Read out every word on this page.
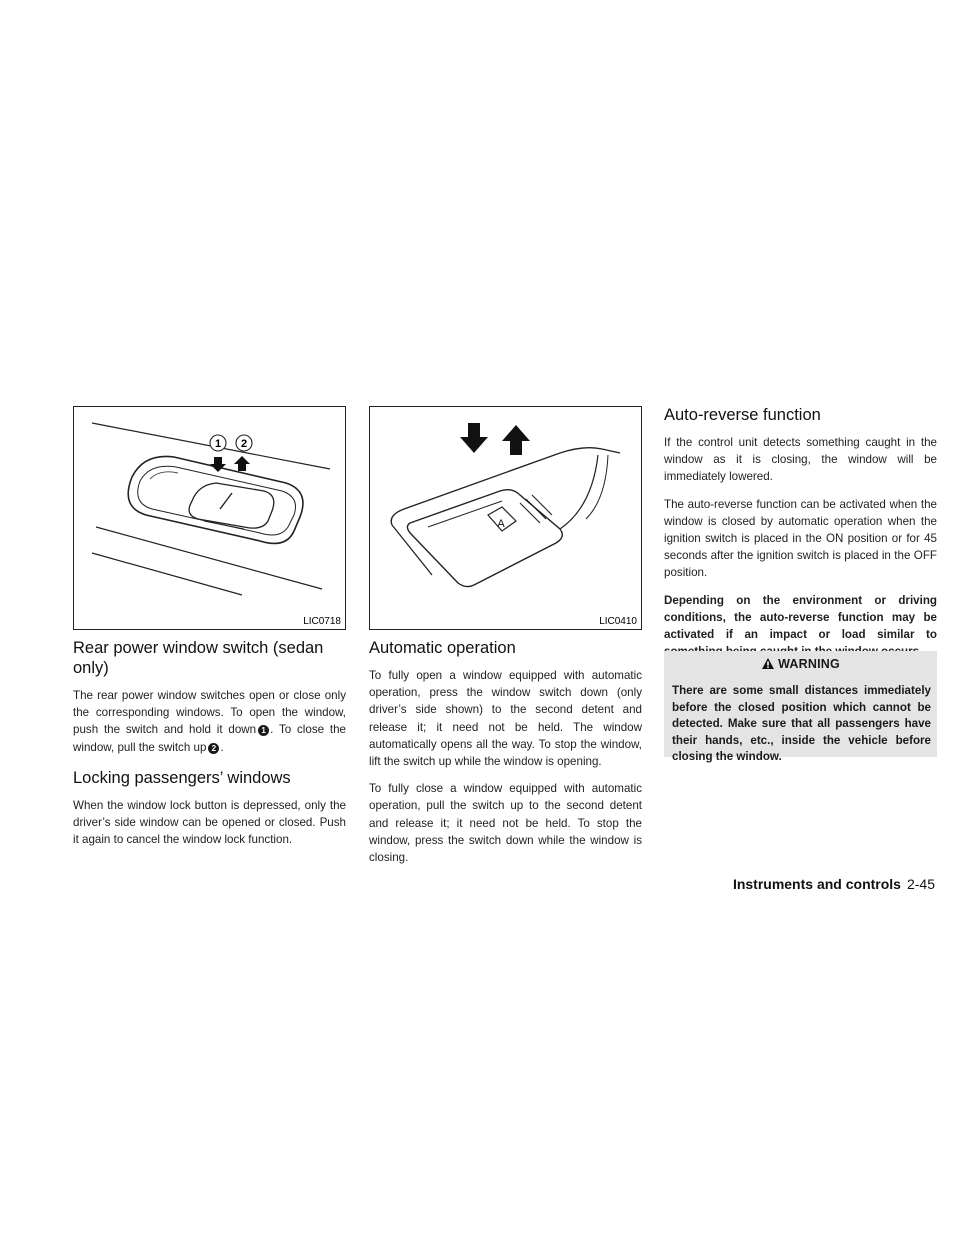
1 2
LIC0718
A
LIC0410
Rear power window switch (sedan only)

The rear power window switches open or close only the corresponding windows. To open the window, push the switch and hold it down 1 . To close the window, pull the switch up 2 .

Locking passengers’ windows

When the window lock button is depressed, only the driver’s side window can be opened or closed. Push it again to cancel the window lock function.

Automatic operation

To fully open a window equipped with automatic operation, press the window switch down (only driver’s side shown) to the second detent and release it; it need not be held. The window automatically opens all the way. To stop the window, lift the switch up while the window is opening.

To fully close a window equipped with automatic operation, pull the switch up to the second detent and release it; it need not be held. To stop the window, press the switch down while the window is closing.

Auto-reverse function

If the control unit detects something caught in the window as it is closing, the window will be immediately lowered.

The auto-reverse function can be activated when the window is closed by automatic operation when the ignition switch is placed in the ON position or for 45 seconds after the ignition switch is placed in the OFF position.

Depending on the environment or driving conditions, the auto-reverse function may be activated if an impact or load similar to

WARNING
There are some small distances immediately before the closed position which cannot be detected. Make sure that all passengers have their hands, etc., inside the vehicle before closing the window.
Instruments and controls 2-45
